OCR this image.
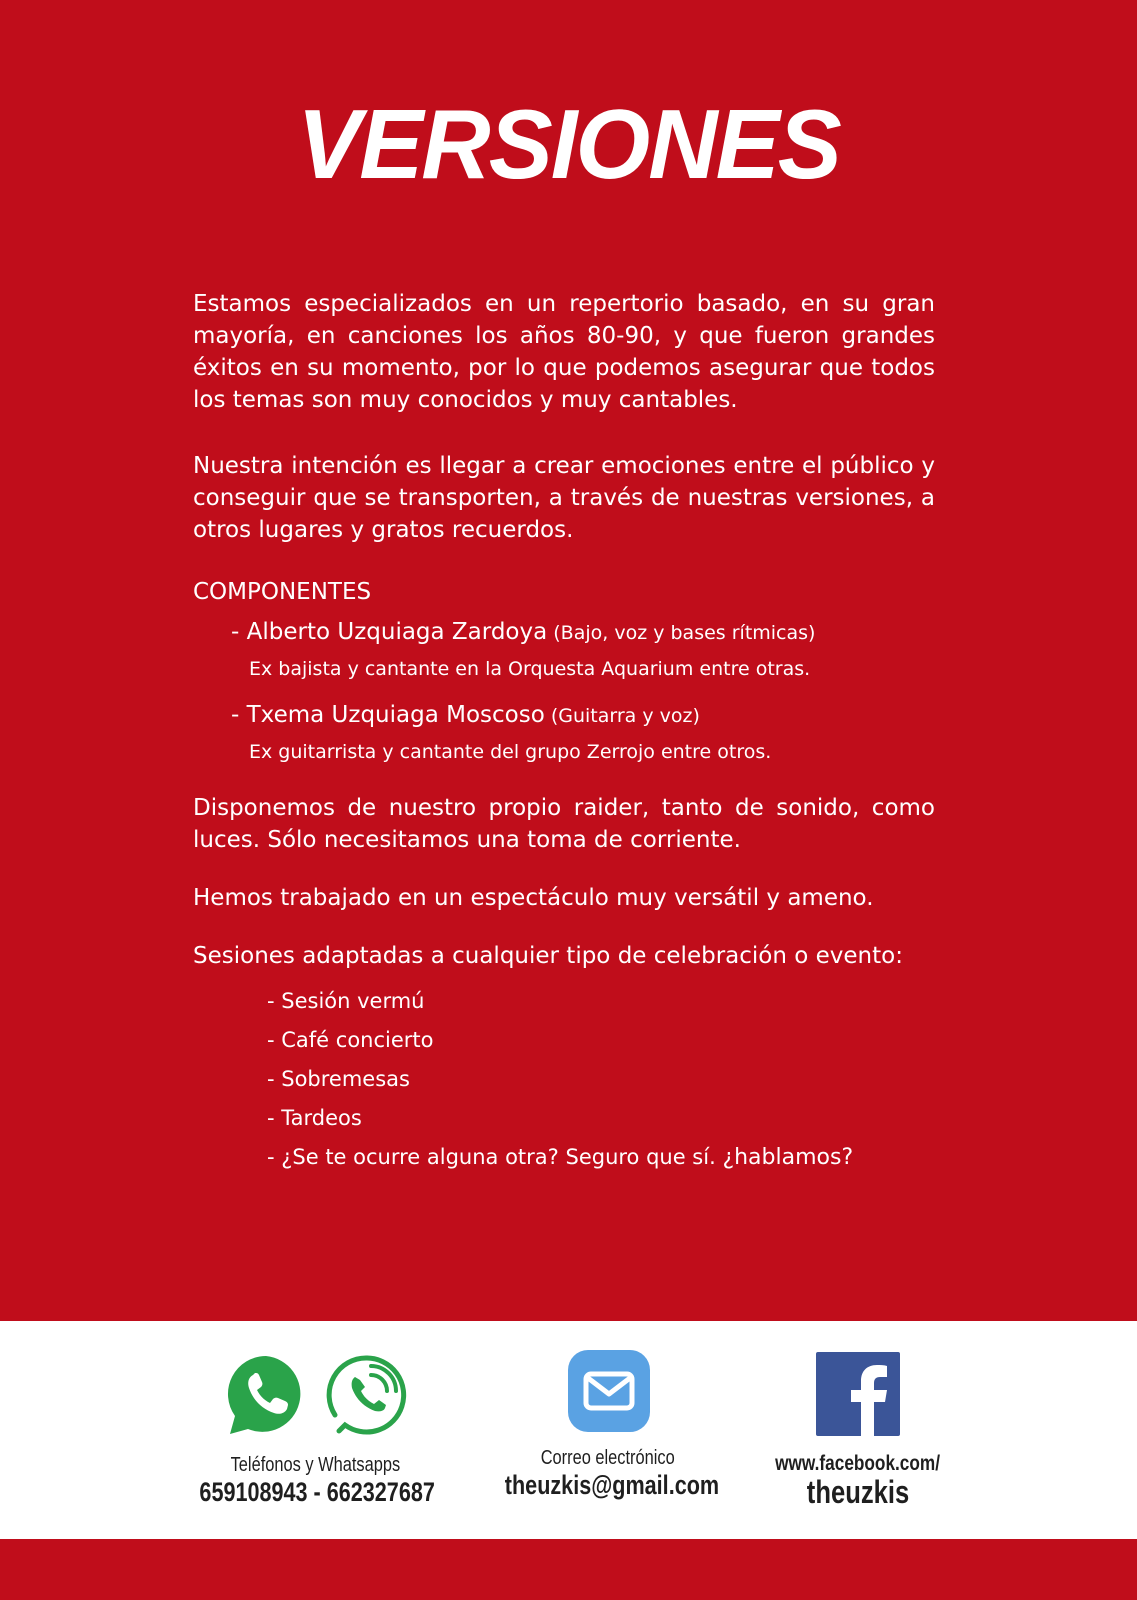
VERSIONES

Estamos especializados en un repertorio basado, en su gran mayoría, en canciones los años 80-90, y que fueron grandes éxitos en su momento, por lo que podemos asegurar que todos los temas son muy conocidos y muy cantables.

Nuestra intención es llegar a crear emociones entre el público y conseguir que se transporten, a través de nuestras versiones, a otros lugares y gratos recuerdos.

COMPONENTES
- Alberto Uzquiaga Zardoya (Bajo, voz y bases rítmicas)
Ex bajista y cantante en la Orquesta Aquarium entre otras.
- Txema Uzquiaga Moscoso (Guitarra y voz)
Ex guitarrista y cantante del grupo Zerrojo entre otros.

Disponemos de nuestro propio raider, tanto de sonido, como luces. Sólo necesitamos una toma de corriente.

Hemos trabajado en un espectáculo muy versátil y ameno.

Sesiones adaptadas a cualquier tipo de celebración o evento:

- Sesión vermú
- Café concierto
- Sobremesas
- Tardeos
- ¿Se te ocurre alguna otra? Seguro que sí. ¿hablamos?
Teléfonos y Whatsapps
659108943 - 662327687
Correo electrónico
theuzkis@gmail.com
www.facebook.com/
theuzkis
